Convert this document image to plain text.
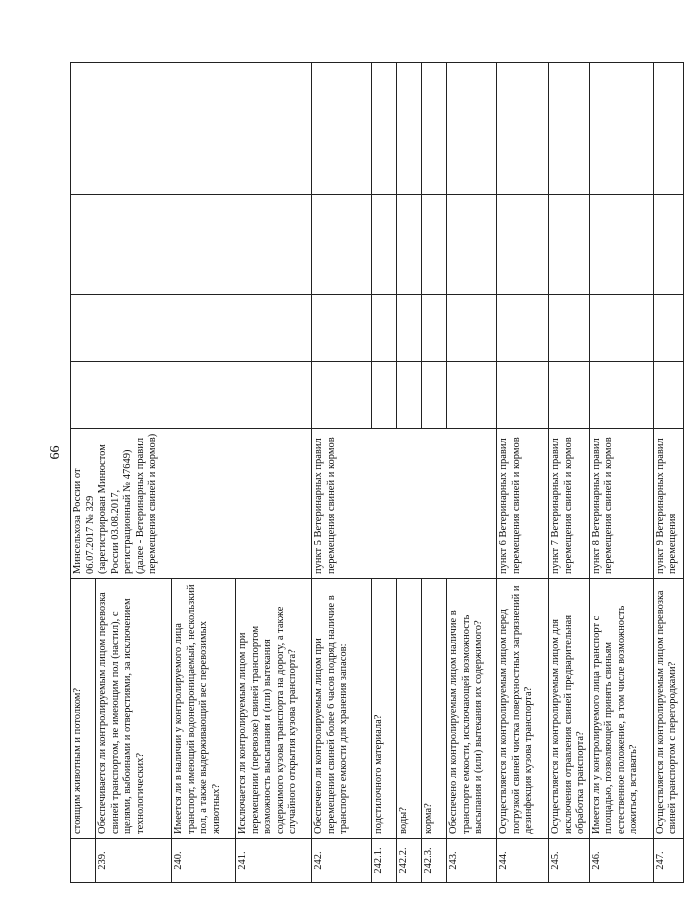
66
	стоящим животным и потолком?	Минсельхоза России от 06.07.2017 № 329 (зарегистрирован Минюстом России 03.08.2017, регистрационный № 47649) (далее - Ветеринарных правил перемещения свиней и кормов)				
239.	Обеспечивается ли контролируемым лицом перевозка свиней транспортом, не имеющим пол (настил), с щелями, выбоинами и отверстиями, за исключением технологических?					
240.	Имеется ли в наличии у контролируемого лица транспорт, имеющий водонепроницаемый, нескользкий пол, а также выдерживающий вес перевозимых животных?					
241.	Исключается ли контролируемым лицом при перемещении (перевозке) свиней транспортом возможность высыпания и (или) вытекания содержимого кузова транспорта на дорогу, а также случайного открытия кузова транспорта?					
242.	Обеспечено ли контролируемым лицом при перемещении свиней более 6 часов подряд наличие в транспорте емкости для хранения запасов:	пункт 5 Ветеринарных правил перемещения свиней и кормов				
242.1.	подстилочного материала?					
242.2.	воды?					
242.3.	корма?					
243.	Обеспечено ли контролируемым лицом наличие в транспорте емкости, исключающей возможность высыпания и (или) вытекания их содержимого?					
244.	Осуществляется ли контролируемым лицом перед погрузкой свиней чистка поверхностных загрязнений и дезинфекция кузова транспорта?	пункт 6 Ветеринарных правил перемещения свиней и кормов				
245.	Осуществляется ли контролируемым лицом для исключения отравления свиней предварительная обработка транспорта?	пункт 7 Ветеринарных правил перемещения свиней и кормов				
246.	Имеется ли у контролируемого лица транспорт с площадью, позволяющей принять свиньям естественное положение, в том числе возможность ложиться, вставать?	пункт 8 Ветеринарных правил перемещения свиней и кормов				
247.	Осуществляется ли контролируемым лицом перевозка свиней транспортом с перегородками?	пункт 9 Ветеринарных правил перемещения				
